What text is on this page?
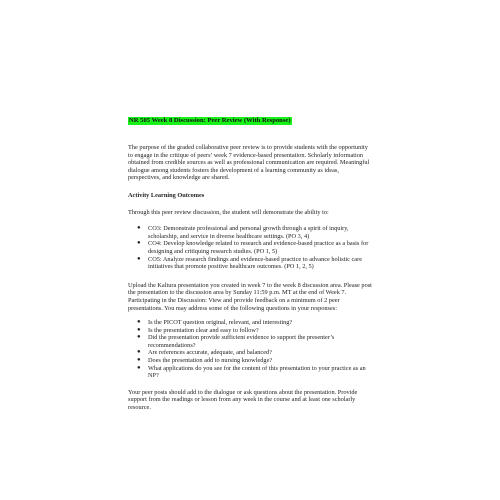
NR 505 Week 8 Discussion: Peer Review (With Response)

The purpose of the graded collaborative peer review is to provide students with the opportunity to engage in the critique of peers’ week 7 evidence-based presentation. Scholarly information obtained from credible sources as well as professional communication are required. Meaningful dialogue among students fosters the development of a learning community as ideas, perspectives, and knowledge are shared.

Activity Learning Outcomes

Through this peer review discussion, the student will demonstrate the ability to:

● CO3: Demonstrate professional and personal growth through a spirit of inquiry, scholarship, and service in diverse healthcare settings. (PO 3, 4)
● CO4: Develop knowledge related to research and evidence-based practice as a basis for designing and critiquing research studies. (PO 1, 5)
● CO5: Analyze research findings and evidence-based practice to advance holistic care initiatives that promote positive healthcare outcomes. (PO 1, 2, 5)

Upload the Kaltura presentation you created in week 7 to the week 8 discussion area. Please post the presentation to the discussion area by Sunday 11:59 p.m. MT at the end of Week 7. Participating in the Discussion: View and provide feedback on a minimum of 2 peer presentations. You may address some of the following questions in your responses:

● Is the PICOT question original, relevant, and interesting?
● Is the presentation clear and easy to follow?
● Did the presentation provide sufficient evidence to support the presenter’s recommendations?
● Are references accurate, adequate, and balanced?
● Does the presentation add to nursing knowledge?
● What applications do you see for the content of this presentation to your practice as an NP?

Your peer posts should add to the dialogue or ask questions about the presentation. Provide support from the readings or lesson from any week in the course and at least one scholarly resource.
